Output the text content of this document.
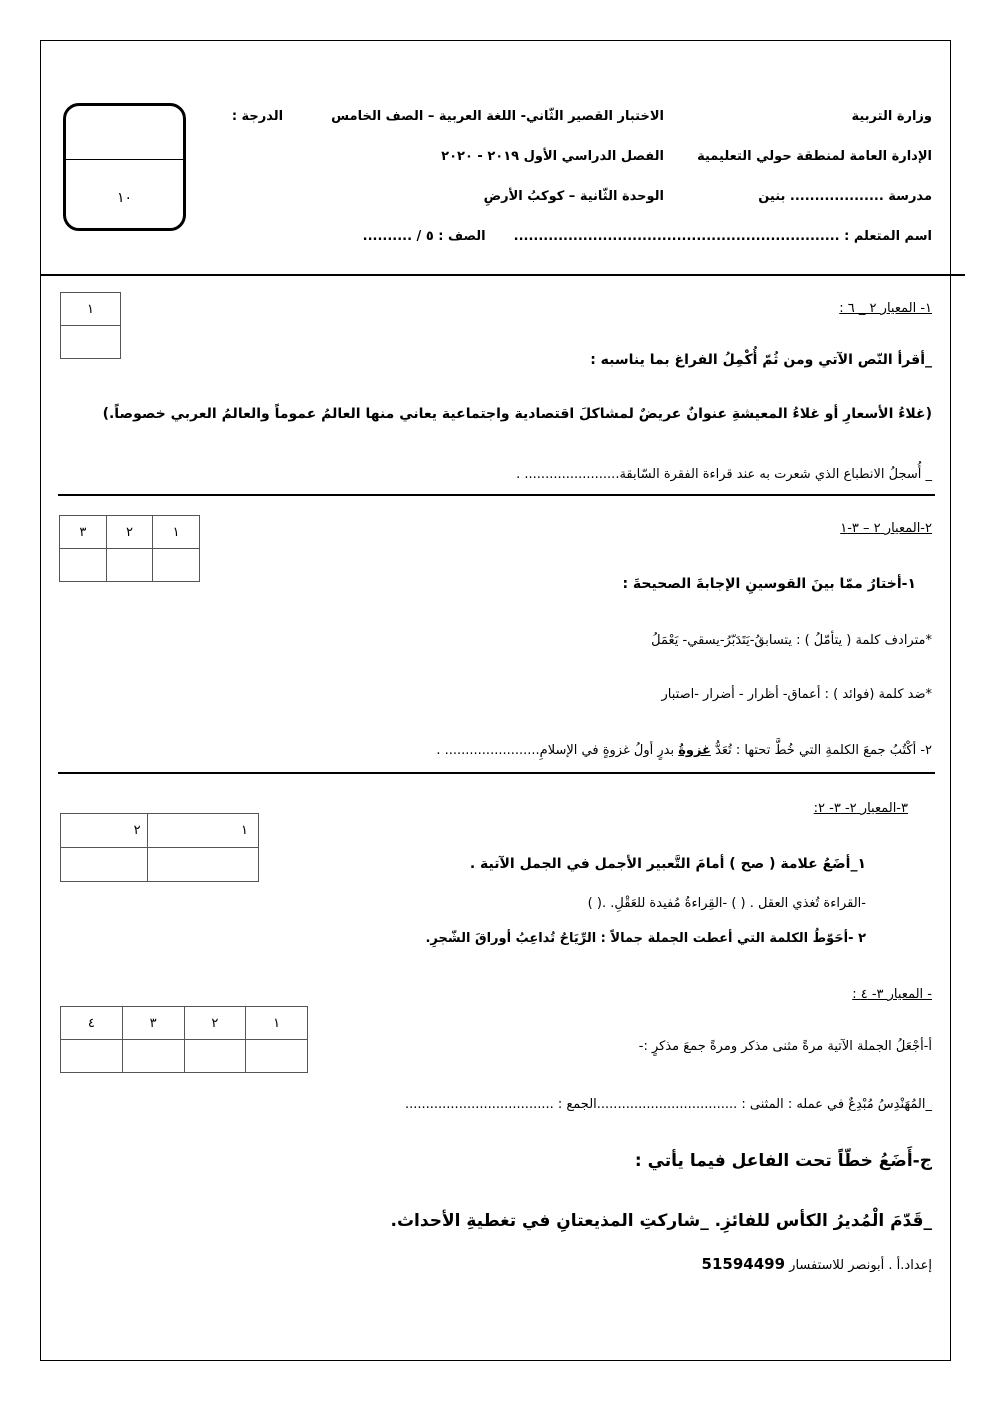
وزارة التربية
الاختبار القصير الثّاني- اللغة العربية – الصف الخامس
الدرجة :
الإدارة العامة لمنطقة حولي التعليمية
الفصل الدراسي الأول ٢٠١٩ - ٢٠٢٠
مدرسة ................... بنين
الوحدة الثّانية – كوكبُ الأرضِ
اسم المتعلم : ..................................................................
الصف : ٥ / ..........
١٠
١- المعيار ٢ _ ٦ :
١

_أقرأ النّص الآتي ومن ثُمّ أُكْمِلُ الفراغ بما يناسبه :
(غلاءُ الأسعارِ أو غلاءُ المعيشةِ عنوانٌ عريضٌ لمشاكلَ اقتصادية واجتماعية يعاني منها العالمُ عموماً والعالمُ العربي خصوصاً.)
_ أُسجلُ الانطباع الذي شعرت به عند قراءة الفقرة السّابقة....................... .
٢-المعيار ٢ – ٣-١
٣	٢	١

١-أختارُ ممّا بينَ القوسينِ الإجابةَ الصحيحةَ :
*مترادف كلمة ( يتأمّلُ ) : يتسابقُ-يَتَدَبّرُ-يسقي- يَعْمَلُ
*ضد كلمة (فوائد ) : أعماق- أظرار - أضرار -اصتبار
٢- أكْتُبُ جمعَ الكلمةِ التي خُطَّ تحتها : تُعَدُّ غزوةُ بدرٍ أولُ غزوةٍ في الإسلامِ....................... .
٣-المعيار ٢- ٣- ٢:
٢	١

١_أضَعُ علامة ( صح ) أمامَ التَّعبير الأجمل في الجمل الآتية .
-القراءة تُغذي العقل . ( ) -القِراءةُ مُفيدة للعَقْلِ. .( )
٢ -أحَوّطُ الكلمة التي أعطت الجملة جمالاً : الرِّيَاحُ تُداعِبُ أوراقَ الشّجرِ.
- المعيار ٣- ٤ :
٤	٣	٢	١

أ-أجْعَلُ الجملة الآتية مرةً مثنى مذكر ومرةً جمعَ مذكرٍ :-
_المُهَنْدِسُ مُبْدِعٌ في عمله : المثنى : ..................................الجمع : ....................................
ج-أَضَعُ خطّاً تحت الفاعل فيما يأتي :
_قَدّمَ الْمُديرُ الكأس للفائزِ. _شاركتِ المذيعتانِ في تغطيةِ الأحداث.
إعداد.أ . أبونصر للاستفسار 51594499
